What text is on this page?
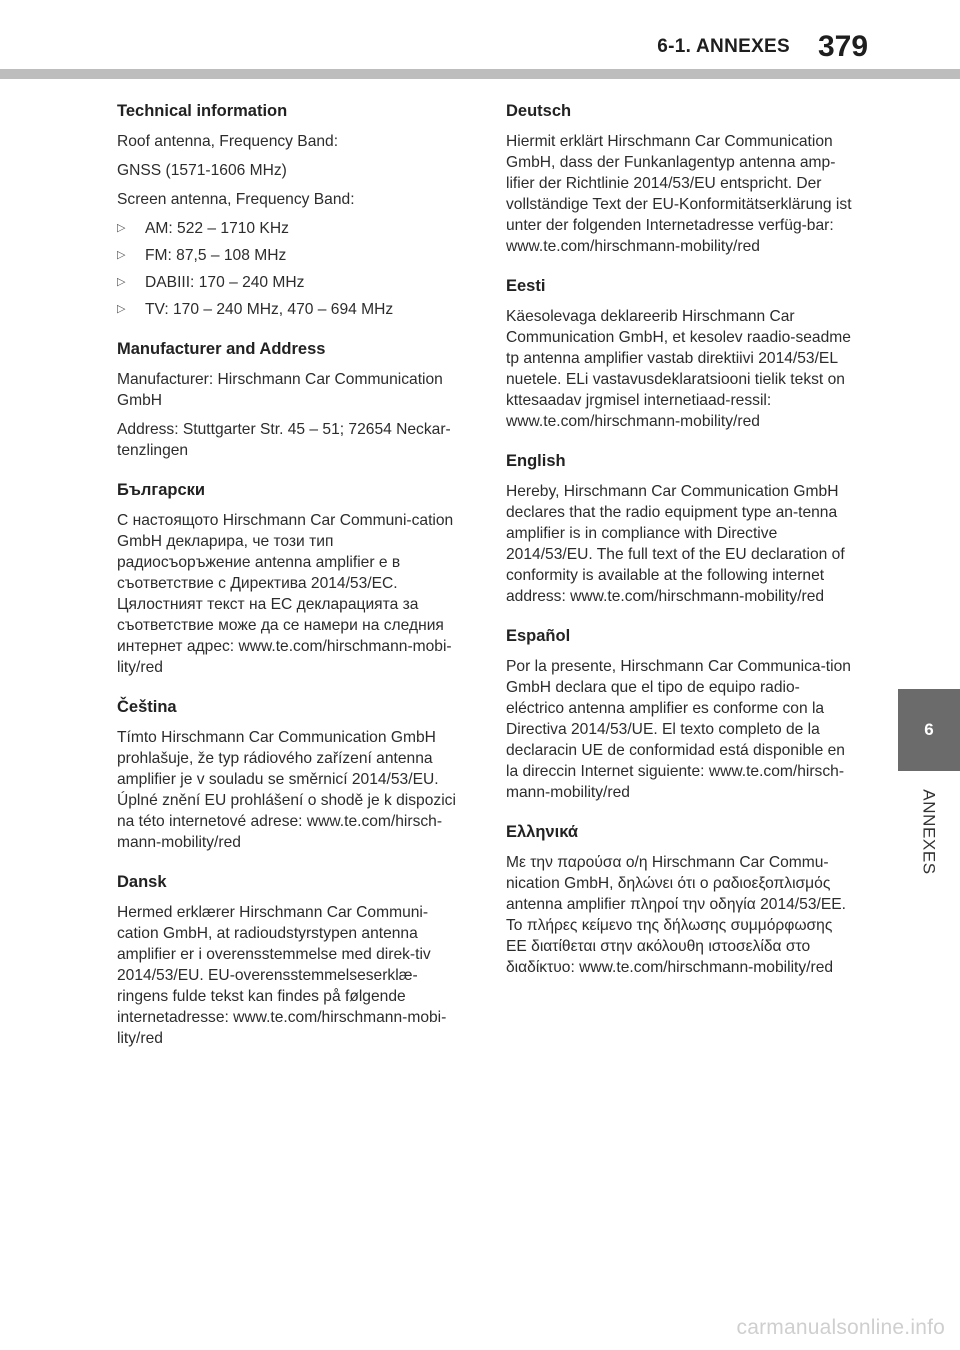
6-1. ANNEXES 379
6
ANNEXES
Technical information
Roof antenna, Frequency Band:
GNSS (1571-1606 MHz)
Screen antenna, Frequency Band:
▷	AM: 522 – 1710 KHz
▷	FM: 87,5 – 108 MHz
▷	DABIII: 170 – 240 MHz
▷	TV: 170 – 240 MHz, 470 – 694 MHz
Manufacturer and Address
Manufacturer: Hirschmann Car Communication GmbH
Address: Stuttgarter Str. 45 – 51; 72654 Neckar-tenzlingen
Български
С настоящото Hirschmann Car Communi-cation GmbH декларира, че този тип радиосъоръжение antenna amplifier е в съответствие с Директива 2014/53/ЕС. Цялостният текст на ЕС декларацията за съответствие може да се намери на следния интернет адрес: www.te.com/hirschmann-mobi-lity/red
Čeština
Tímto Hirschmann Car Communication GmbH prohlašuje, že typ rádiového zařízení antenna amplifier je v souladu se směrnicí 2014/53/EU. Úplné znění EU prohlášení o shodě je k dispozici na této internetové adrese: www.te.com/hirsch-mann-mobility/red
Dansk
Hermed erklærer Hirschmann Car Communi-cation GmbH, at radioudstyrstypen antenna amplifier er i overensstemmelse med direk-tiv 2014/53/EU. EU-overensstemmelseserklæ-ringens fulde tekst kan findes på følgende internetadresse: www.te.com/hirschmann-mobi-lity/red
Deutsch
Hiermit erklärt Hirschmann Car Communication GmbH, dass der Funkanlagentyp antenna amp-lifier der Richtlinie 2014/53/EU entspricht. Der vollständige Text der EU-Konformitätserklärung ist unter der folgenden Internetadresse verfüg-bar: www.te.com/hirschmann-mobility/red
Eesti
Käesolevaga deklareerib Hirschmann Car Communication GmbH, et kesolev raadio-seadme tp antenna amplifier vastab direktiivi 2014/53/EL nuetele. ELi vastavusdeklaratsiooni tielik tekst on kttesaadav jrgmisel internetiaad-ressil: www.te.com/hirschmann-mobility/red
English
Hereby, Hirschmann Car Communication GmbH declares that the radio equipment type an-tenna amplifier is in compliance with Directive 2014/53/EU. The full text of the EU declaration of conformity is available at the following internet address: www.te.com/hirschmann-mobility/red
Español
Por la presente, Hirschmann Car Communica-tion GmbH declara que el tipo de equipo radio-eléctrico antenna amplifier es conforme con la Directiva 2014/53/UE. El texto completo de la declaracin UE de conformidad está disponible en la direccin Internet siguiente: www.te.com/hirsch-mann-mobility/red
Ελληνικά
Με την παρούσα ο/η Hirschmann Car Commu-nication GmbH, δηλώνει ότι ο ραδιοεξοπλισμός antenna amplifier πληροί την οδηγία 2014/53/ΕΕ. Το πλήρες κείμενο της δήλωσης συμμόρφωσης ΕΕ διατίθεται στην ακόλουθη ιστοσελίδα στο διαδίκτυο: www.te.com/hirschmann-mobility/red
carmanualsonline.info
